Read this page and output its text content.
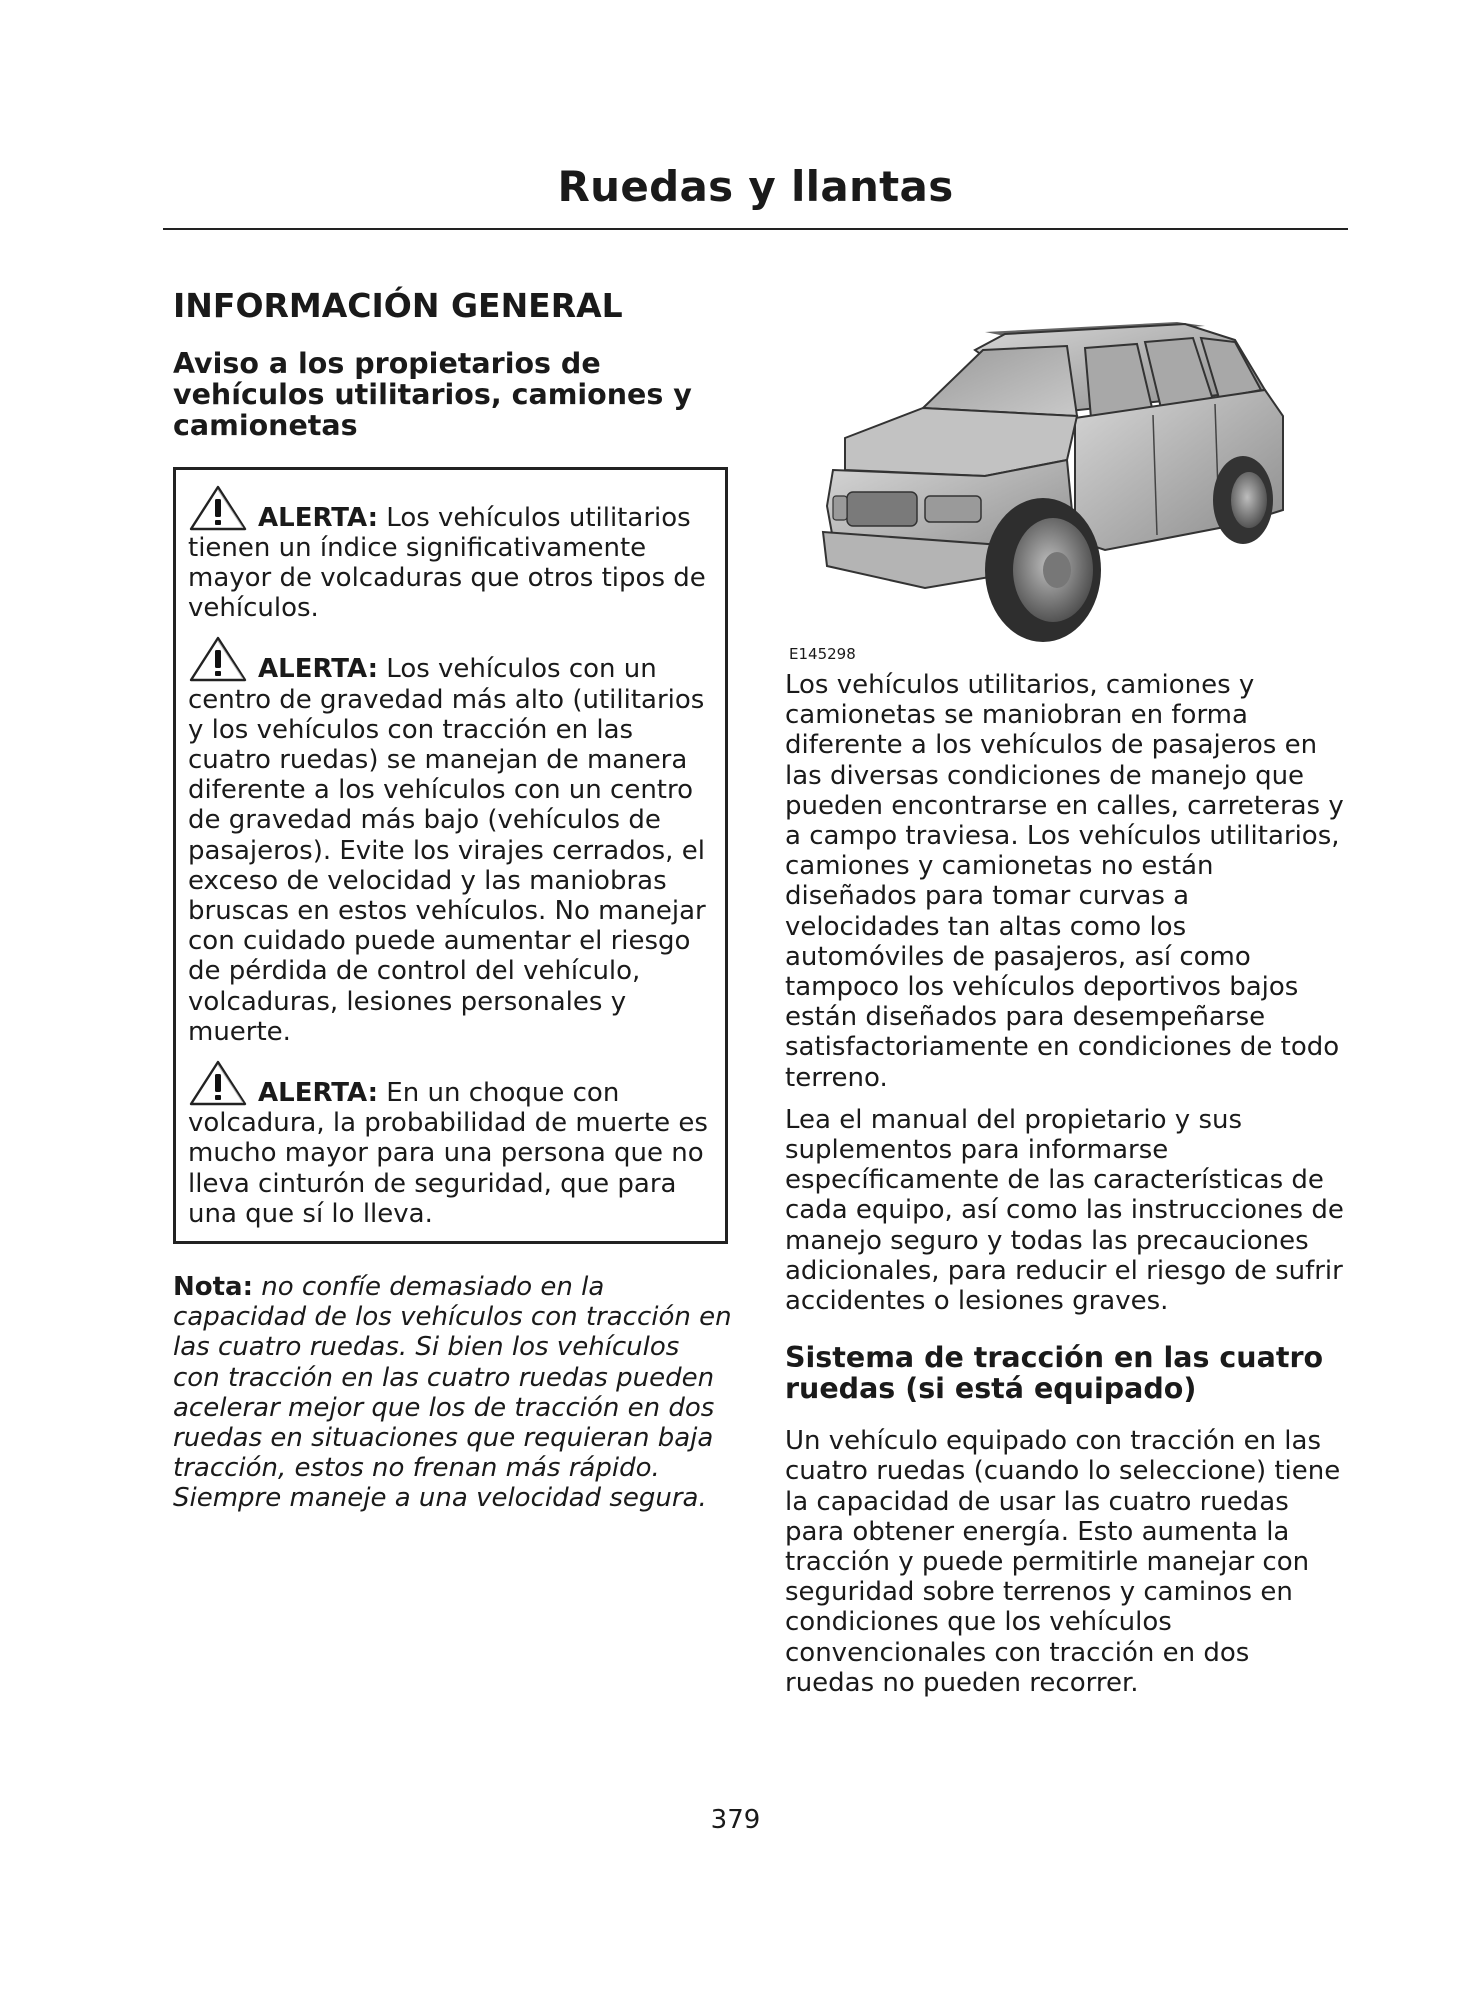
Ruedas y llantas
INFORMACIÓN GENERAL
Aviso a los propietarios de vehículos utilitarios, camiones y camionetas

ALERTA: Los vehículos utilitarios tienen un índice significativamente mayor de volcaduras que otros tipos de vehículos.

ALERTA: Los vehículos con un centro de gravedad más alto (utilitarios y los vehículos con tracción en las cuatro ruedas) se manejan de manera diferente a los vehículos con un centro de gravedad más bajo (vehículos de pasajeros). Evite los virajes cerrados, el exceso de velocidad y las maniobras bruscas en estos vehículos. No manejar con cuidado puede aumentar el riesgo de pérdida de control del vehículo, volcaduras, lesiones personales y muerte.

ALERTA: En un choque con volcadura, la probabilidad de muerte es mucho mayor para una persona que no lleva cinturón de seguridad, que para una que sí lo lleva.

Nota: no confíe demasiado en la capacidad de los vehículos con tracción en las cuatro ruedas. Si bien los vehículos con tracción en las cuatro ruedas pueden acelerar mejor que los de tracción en dos ruedas en situaciones que requieran baja tracción, estos no frenan más rápido. Siempre maneje a una velocidad segura.

E145298

Los vehículos utilitarios, camiones y camionetas se maniobran en forma diferente a los vehículos de pasajeros en las diversas condiciones de manejo que pueden encontrarse en calles, carreteras y a campo traviesa. Los vehículos utilitarios, camiones y camionetas no están diseñados para tomar curvas a velocidades tan altas como los automóviles de pasajeros, así como tampoco los vehículos deportivos bajos están diseñados para desempeñarse satisfactoriamente en condiciones de todo terreno.

Lea el manual del propietario y sus suplementos para informarse específicamente de las características de cada equipo, así como las instrucciones de manejo seguro y todas las precauciones adicionales, para reducir el riesgo de sufrir accidentes o lesiones graves.

Sistema de tracción en las cuatro ruedas (si está equipado)

Un vehículo equipado con tracción en las cuatro ruedas (cuando lo seleccione) tiene la capacidad de usar las cuatro ruedas para obtener energía. Esto aumenta la tracción y puede permitirle manejar con seguridad sobre terrenos y caminos en condiciones que los vehículos convencionales con tracción en dos ruedas no pueden recorrer.

379
